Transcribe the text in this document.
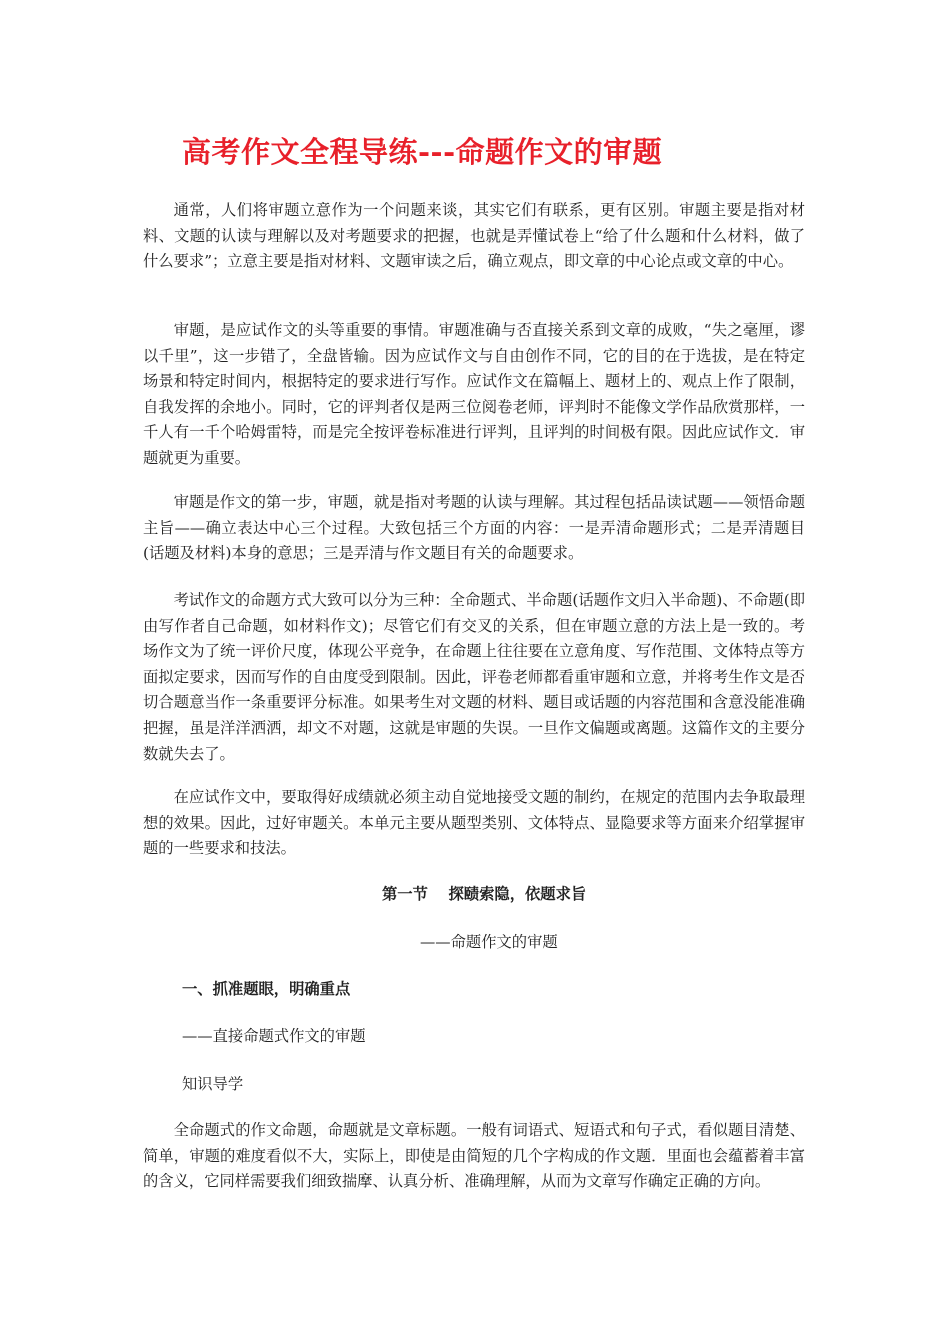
高考作文全程导练---命题作文的审题

通常，人们将审题立意作为一个问题来谈，其实它们有联系，更有区别。审题主要是指对材料、文题的认读与理解以及对考题要求的把握，也就是弄懂试卷上“给了什么题和什么材料，做了什么要求”；立意主要是指对材料、文题审读之后，确立观点，即文章的中心论点或文章的中心。

审题，是应试作文的头等重要的事情。审题准确与否直接关系到文章的成败，“失之毫厘，谬以千里”，这一步错了，全盘皆输。因为应试作文与自由创作不同，它的目的在于选拔，是在特定场景和特定时间内，根据特定的要求进行写作。应试作文在篇幅上、题材上的、观点上作了限制，自我发挥的余地小。同时，它的评判者仅是两三位阅卷老师，评判时不能像文学作品欣赏那样，一千人有一千个哈姆雷特，而是完全按评卷标准进行评判，且评判的时间极有限。因此应试作文．审题就更为重要。

审题是作文的第一步，审题，就是指对考题的认读与理解。其过程包括品读试题——领悟命题主旨——确立表达中心三个过程。大致包括三个方面的内容：一是弄清命题形式；二是弄清题目(话题及材料)本身的意思；三是弄清与作文题目有关的命题要求。

考试作文的命题方式大致可以分为三种：全命题式、半命题(话题作文归入半命题)、不命题(即由写作者自己命题，如材料作文)；尽管它们有交叉的关系，但在审题立意的方法上是一致的。考场作文为了统一评价尺度，体现公平竞争，在命题上往往要在立意角度、写作范围、文体特点等方面拟定要求，因而写作的自由度受到限制。因此，评卷老师都看重审题和立意，并将考生作文是否切合题意当作一条重要评分标准。如果考生对文题的材料、题目或话题的内容范围和含意没能准确把握，虽是洋洋洒洒，却文不对题，这就是审题的失误。一旦作文偏题或离题。这篇作文的主要分数就失去了。

在应试作文中，要取得好成绩就必须主动自觉地接受文题的制约，在规定的范围内去争取最理想的效果。因此，过好审题关。本单元主要从题型类别、文体特点、显隐要求等方面来介绍掌握审题的一些要求和技法。

第一节　 探赜索隐，依题求旨
——命题作文的审题
一、抓准题眼，明确重点
——直接命题式作文的审题
知识导学

全命题式的作文命题，命题就是文章标题。一般有词语式、短语式和句子式，看似题目清楚、简单，审题的难度看似不大，实际上，即使是由简短的几个字构成的作文题．里面也会蕴蓄着丰富的含义，它同样需要我们细致揣摩、认真分析、准确理解，从而为文章写作确定正确的方向。
